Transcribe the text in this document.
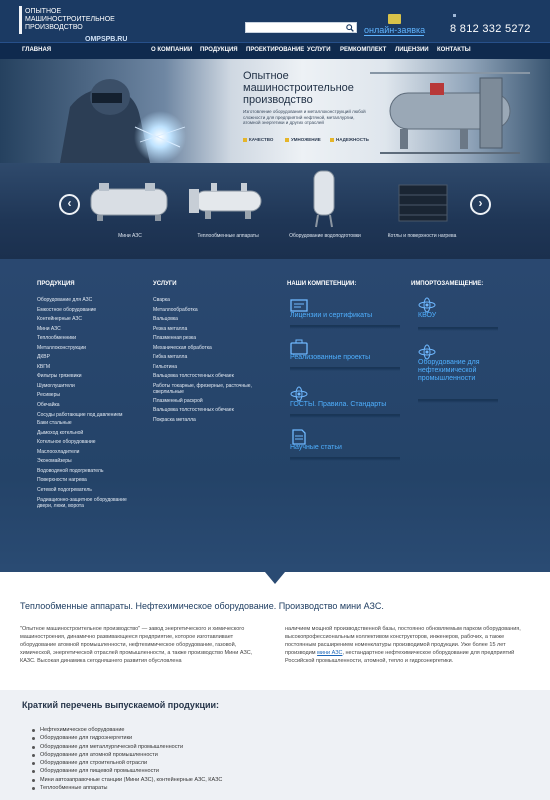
ОПЫТНОЕ МАШИНОСТРОИТЕЛЬНОЕ ПРОИЗВОДСТВО	онлайн-заявка 8 812 332 5272
OMPSPB.RU
ГЛАВНАЯ	О КОМПАНИИ ПРОДУКЦИЯ ПРОЕКТИРОВАНИЕ УСЛУГИ РЕМКОМПЛЕКТ ЛИЦЕНЗИИ КОНТАКТЫ
Опытное машиностроительное производство
Изготовление оборудования и металлоконструкций любой сложности для предприятий нефтяной, металлургии, атомной энергетики и других отраслей
КАЧЕСТВО	УМНОЖЕНИЕ	НАДЕЖНОСТЬ
‹	›
Мини АЗС	Теплообменные аппараты	Оборудование водоподготовки	Котлы и поверхности нагрева
ПРОДУКЦИЯ
Оборудование для АЗС
Емкостное оборудование
Контейнерные АЗС
Мини АЗС
Теплообменники
Металлоконструкции
ДКВР
КВГМ
Фильтры грязевики
Шумоглушители
Ресиверы
Обечайка
Сосуды работающие под давлением
Баки стальные
Дымоход котельной
Котельное оборудование
Маслоохладители
Экономайзеры
Водоводяной подогреватель
Поверхности нагрева
Сетевой подогреватель
Радиационно-защитное оборудование двери, люки, ворота
УСЛУГИ
Сварка
Металлообработка
Вальцовка
Резка металла
Плазменная резка
Механическая обработка
Гибка металла
Гильотина
Вальцовка толстостенных обечаек
Работы токарные, фрезерные, расточные, сверлильные
Плазменный раскрой
Вальцовка толстостенных обечаек
Покраска металла
НАШИ КОМПЕТЕНЦИИ:
Лицензии и сертификаты
Реализованные проекты
ГОСТЫ. Правила. Стандарты
Научные статьи
ИМПОРТОЗАМЕЩЕНИЕ:
КВОУ
Оборудование для нефтехимической промышленности
Теплообменные аппараты. Нефтехимическое оборудование. Производство мини АЗС.
"Опытное машиностроительное производство" — завод энергетического и химического машиностроения, динамично развивающееся предприятие, которое изготавливает оборудование атомной промышленности, нефтехимическое оборудование, газовой, химической, энергетической отраслей промышленности, а также производство Мини АЗС, КАЗС. Высокая динамика сегодняшнего развития обусловлена
наличием мощной производственной базы, постоянно обновляемым парком оборудования, высокопрофессиональным коллективом конструкторов, инженеров, рабочих, а также постоянным расширением номенклатуры производимой продукции. Уже более 15 лет производим мини АЗС, нестандартное нефтехимическое оборудование для предприятий Российской промышленности, атомной, тепло и гидроэнергетики.
Краткий перечень выпускаемой продукции:
Нефтехимическое оборудование
Оборудование для гидроэнергетики
Оборудование для металлургической промышленности
Оборудование для атомной промышленности
Оборудование для строительной отрасли
Оборудование для пищевой промышленности
Мини автозаправочные станции (Мини АЗС), контейнерные АЗС, КАЗС
Теплообменные аппараты
